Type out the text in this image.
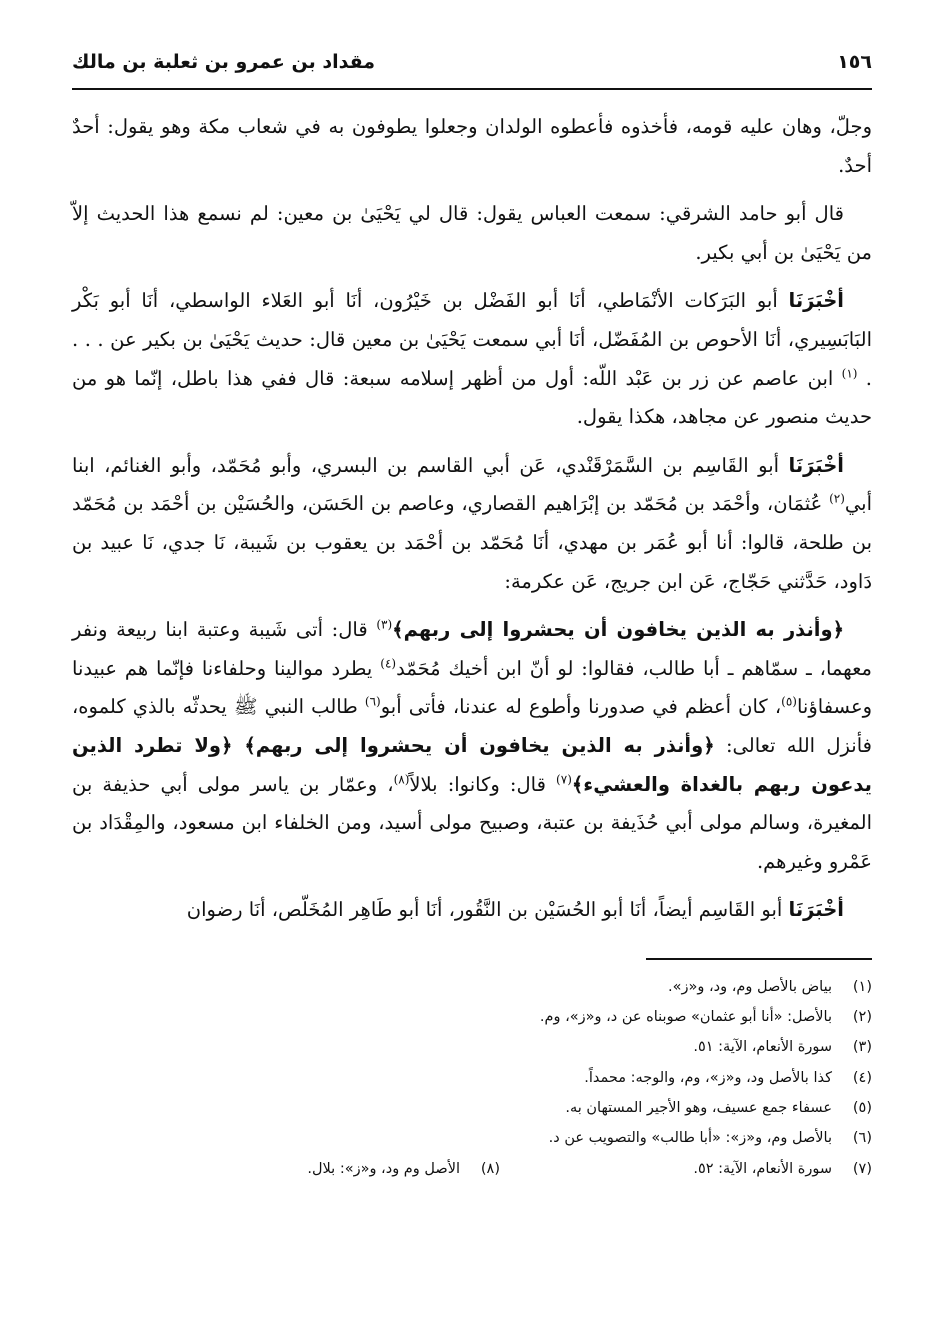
١٥٦
مقداد بن عمرو بن ثعلبة بن مالك

وجلّ، وهان عليه قومه، فأخذوه فأعطوه الولدان وجعلوا يطوفون به في شعاب مكة وهو يقول: أحدٌ أحدٌ.

قال أبو حامد الشرقي: سمعت العباس يقول: قال لي يَحْيَىٰ بن معين: لم نسمع هذا الحديث إلاّ من يَحْيَىٰ بن أبي بكير.

أخْبَرَنَا أبو البَرَكات الأنْمَاطي، أنَا أبو الفَضْل بن خَيْرُون، أنَا أبو العَلاء الواسطي، أنَا أبو بَكْر البَابَسِيري، أنَا الأحوص بن المُفَضّل، أنَا أبي سمعت يَحْيَىٰ بن معين قال: حديث يَحْيَىٰ بن بكير عن . . . . $^{(١)}$ ابن عاصم عن زر بن عَبْد اللّه: أول من أظهر إسلامه سبعة: قال ففي هذا باطل، إنّما هو من حديث منصور عن مجاهد، هكذا يقول.

أخْبَرَنَا أبو القَاسِم بن السَّمَرْقَنْدي، عَن أبي القاسم بن البسري، وأبو مُحَمّد، وأبو الغنائم، ابنا أبي$^{(٢)}$ عُثمَان، وأحْمَد بن مُحَمّد بن إبْرَاهيم القصاري، وعاصم بن الحَسَن، والحُسَيْن بن أحْمَد بن مُحَمّد بن طلحة، قالوا: أنا أبو عُمَر بن مهدي، أنَا مُحَمّد بن أحْمَد بن يعقوب بن شَيبة، نَا جدي، نَا عبيد بن دَاود، حَدَّثني حَجّاج، عَن ابن جريج، عَن عكرمة:

﴿وأنذر به الذين يخافون أن يحشروا إلى ربهم﴾$^{(٣)}$ قال: أتى شَيبة وعتبة ابنا ربيعة ونفر معهما، ـ سمّاهم ـ أبا طالب، فقالوا: لو أنّ ابن أخيك مُحَمّد$^{(٤)}$ يطرد موالينا وحلفاءنا فإنّما هم عبيدنا وعسفاؤنا$^{(٥)}$، كان أعظم في صدورنا وأطوع له عندنا، فأتى أبو$^{(٦)}$ طالب النبي ﷺ يحدثّه بالذي كلموه، فأنزل الله تعالى: ﴿وأنذر به الذين يخافون أن يحشروا إلى ربهم﴾ ﴿ولا تطرد الذين يدعون ربهم بالغداة والعشيء﴾$^{(٧)}$ قال: وكانوا: بلالاً$^{(٨)}$، وعمّار بن ياسر مولى أبي حذيفة بن المغيرة، وسالم مولى أبي حُذَيفة بن عتبة، وصبيح مولى أسيد، ومن الخلفاء ابن مسعود، والمِقْدَاد بن عَمْرو وغيرهم.

أخْبَرَنَا أبو القَاسِم أيضاً، أنَا أبو الحُسَيْن بن النَّقُور، أنَا أبو طَاهِر المُخَلّص، أنَا رضوان

(١)
بياض بالأصل وم، ود، و«ز».
(٢)
بالأصل: «أنا أبو عثمان» صوبناه عن د، و«ز»، وم.
(٣)
سورة الأنعام، الآية: ٥١.
(٤)
كذا بالأصل ود، و«ز»، وم، والوجه: محمداً.
(٥)
عسفاء جمع عسيف، وهو الأجير المستهان به.
(٦)
بالأصل وم، و«ز»: «أبا طالب» والتصويب عن د.
(٧)
سورة الأنعام، الآية: ٥٢.
(٨)
الأصل وم ود، و«ز»: بلال.
